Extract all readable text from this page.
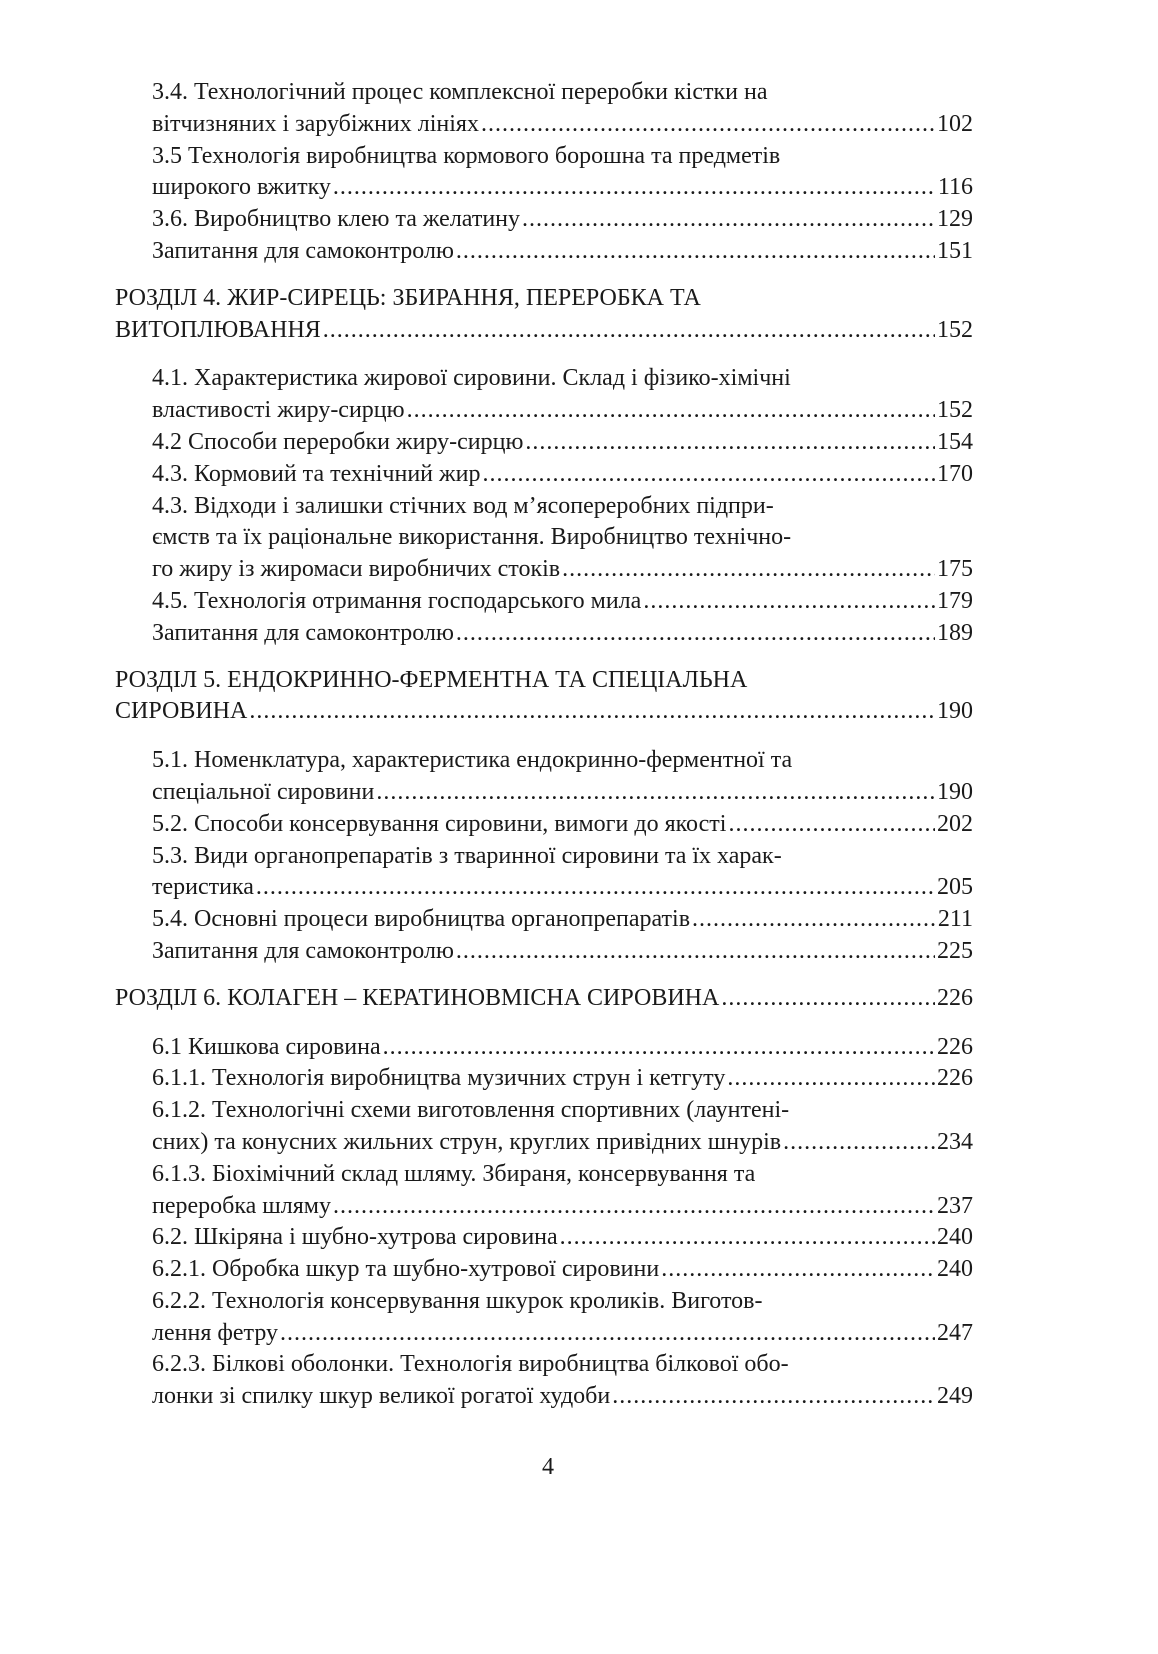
3.4. Технологічний процес комплексної переробки кістки на
вітчизняних і зарубіжних лініях .....	102
3.5 Технологія виробництва кормового борошна та предметів
широкого вжитку .....	116
3.6. Виробництво клею та желатину .....	129
Запитання для самоконтролю .....	151
РОЗДІЛ 4. ЖИР-СИРЕЦЬ: ЗБИРАННЯ, ПЕРЕРОБКА ТА
ВИТОПЛЮВАННЯ .....	152
4.1. Характеристика жирової сировини. Склад і фізико-хімічні
властивості жиру-сирцю .....	152
4.2 Способи переробки жиру-сирцю .....	154
4.3. Кормовий та технічний жир .....	170
4.3. Відходи і залишки стічних вод м’ясопереробних підпри-
ємств та їх раціональне використання. Виробництво технічно-
го жиру із жиромаси виробничих стоків .....	175
4.5. Технологія отримання господарського мила .....	179
Запитання для самоконтролю .....	189
РОЗДІЛ 5. ЕНДОКРИННО-ФЕРМЕНТНА ТА СПЕЦІАЛЬНА
СИРОВИНА .....	190
5.1. Номенклатура, характеристика ендокринно-ферментної та
спеціальної сировини .....	190
5.2. Способи консервування сировини, вимоги до якості .....	202
5.3. Види органопрепаратів з тваринної сировини та їх харак-
теристика .....	205
5.4. Основні процеси виробництва органопрепаратів .....	211
Запитання для самоконтролю .....	225
РОЗДІЛ 6. КОЛАГЕН – КЕРАТИНОВМІСНА СИРОВИНА .....	226
6.1 Кишкова сировина .....	226
6.1.1. Технологія виробництва музичних струн і кетгуту .....	226
6.1.2. Технологічні схеми виготовлення спортивних (лаунтені-
сних) та конусних жильних струн, круглих привідних шнурів .....	234
6.1.3. Біохімічний склад шляму. Збираня, консервування та
переробка шляму .....	237
6.2. Шкіряна і шубно-хутрова сировина .....	240
6.2.1. Обробка шкур та шубно-хутрової сировини .....	240
6.2.2. Технологія консервування шкурок кроликів. Виготов-
лення фетру .....	247
6.2.3. Білкові оболонки. Технологія виробництва білкової обо-
лонки зі спилку шкур великої рогатої худоби .....	249
4
